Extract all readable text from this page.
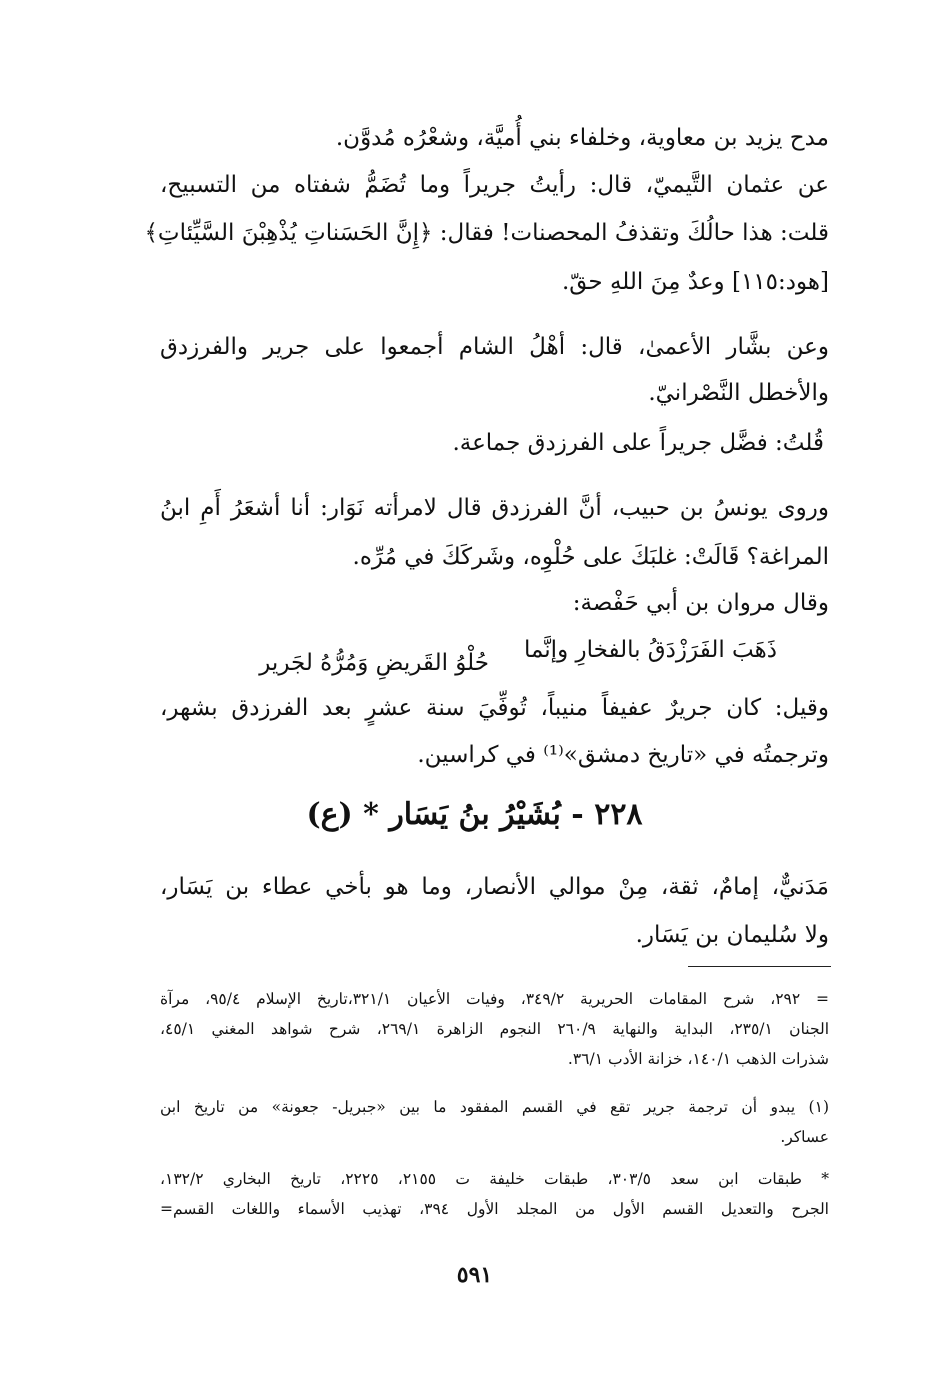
مدح يزيد بن معاوية، وخلفاء بني أُميَّة، وشعْرُه مُدوَّن.
عن عثمان التَّيميّ، قال: رأيتُ جريراً وما تُضَمُّ شفتاه من التسبيح،
قلت: هذا حالُكَ وتقذفُ المحصنات! فقال: ﴿إِنَّ الحَسَناتِ يُذْهِبْنَ السَّيِّئاتِ﴾
[هود:١١٥] وعدٌ مِنَ اللهِ حقّ.
وعن بشَّار الأعمىٰ، قال: أهْلُ الشام أجمعوا على جرير والفرزدق
والأخطل النَّصْرانيّ.
قُلتُ: فضَّل جريراً على الفرزدق جماعة.
وروى يونسُ بن حبيب، أنَّ الفرزدق قال لامرأته نَوَار: أنا أشعَرُ أَمِ ابنُ
المراغة؟ قَالَتْ: غلبَكَ على حُلْوِه، وشَركَكَ في مُرِّه.
وقال مروان بن أبي حَفْصة:
ذَهَبَ الفَرَزْدَقُ بالفخارِ وإنَّما
حُلْوُ القَريضِ وَمُرُّهُ لجَرير
وقيل: كان جريرٌ عفيفاً منيباً، تُوفِّيَ سنة عشرٍ بعد الفرزدق بشهر،
وترجمتُه في «تاريخ دمشق»⁽¹⁾ في كراسين.
٢٢٨ - بُشَيْرُ بنُ يَسَار * (ع)
مَدَنيٌّ، إمامٌ، ثقة، مِنْ موالي الأنصار، وما هو بأخي عطاء بن يَسَار،
ولا سُليمان بن يَسَار.
= ٢٩٢، شرح المقامات الحريرية ٣٤٩/٢، وفيات الأعيان ٣٢١/١،تاريخ الإسلام ٩٥/٤، مرآة
الجنان ٢٣٥/١، البداية والنهاية ٢٦٠/٩ النجوم الزاهرة ٢٦٩/١، شرح شواهد المغني ٤٥/١،
شذرات الذهب ١٤٠/١، خزانة الأدب ٣٦/١.
(١) يبدو أن ترجمة جرير تقع في القسم المفقود ما بين «جبريل- جعونة» من تاريخ ابن
عساكر.
* طبقات ابن سعد ٣٠٣/٥، طبقات خليفة ت ٢١٥٥، ٢٢٢٥، تاريخ البخاري ١٣٢/٢،
الجرح والتعديل القسم الأول من المجلد الأول ٣٩٤، تهذيب الأسماء واللغات القسم=
٥٩١
